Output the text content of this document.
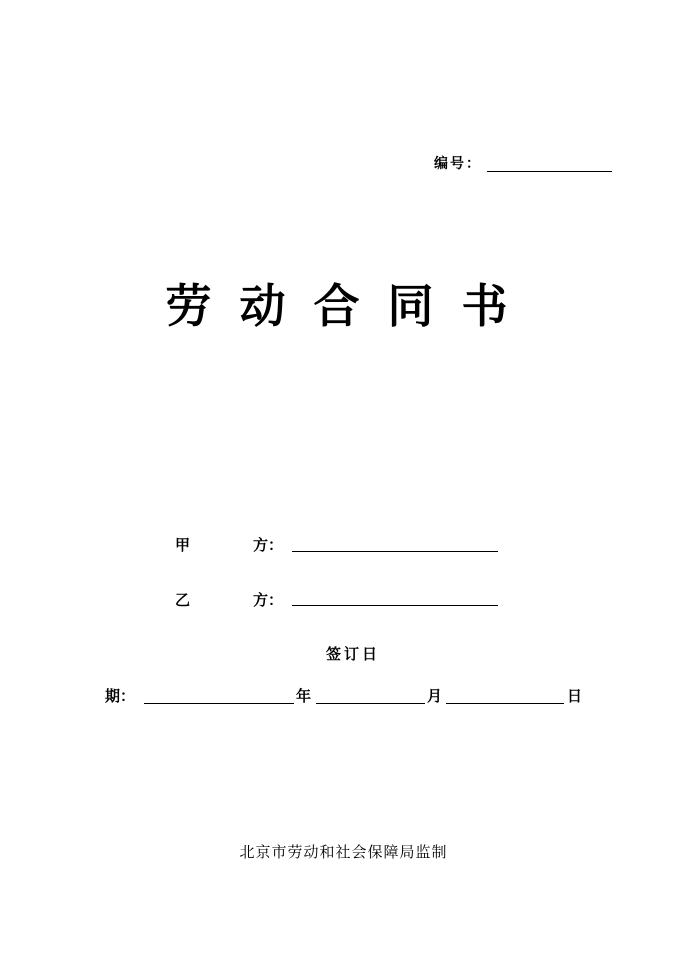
编号：
劳动合同书
甲	方：
乙	方：
签订日
期：	年	月	日
北京市劳动和社会保障局监制
